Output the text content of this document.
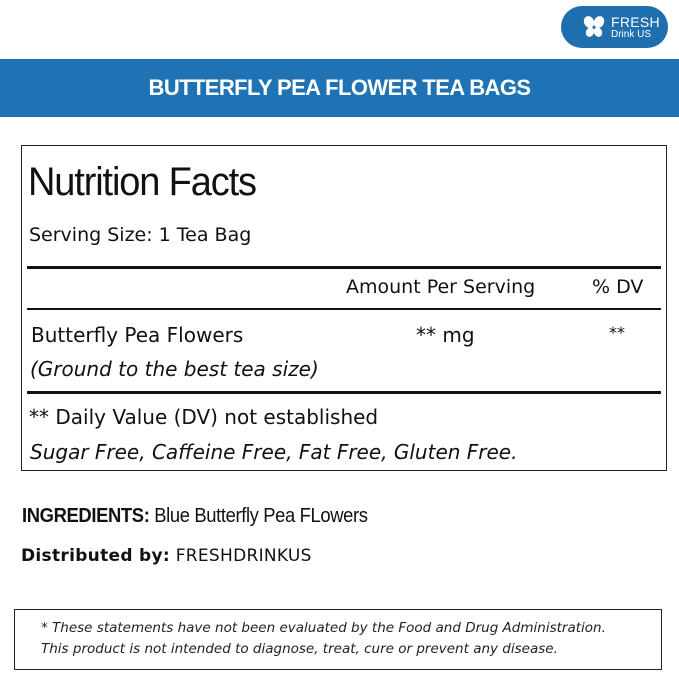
FRESH
Drink US
BUTTERFLY PEA FLOWER TEA BAGS
Nutrition Facts
Serving Size: 1 Tea Bag
Amount Per Serving	% DV
Butterfly Pea Flowers
(Ground to the best tea size)
** mg	**
** Daily Value (DV) not established
Sugar Free, Caffeine Free, Fat Free, Gluten Free.
INGREDIENTS: Blue Butterfly Pea FLowers
Distributed by: FRESHDRINKUS
* These statements have not been evaluated by the Food and Drug Administration.
This product is not intended to diagnose, treat, cure or prevent any disease.
